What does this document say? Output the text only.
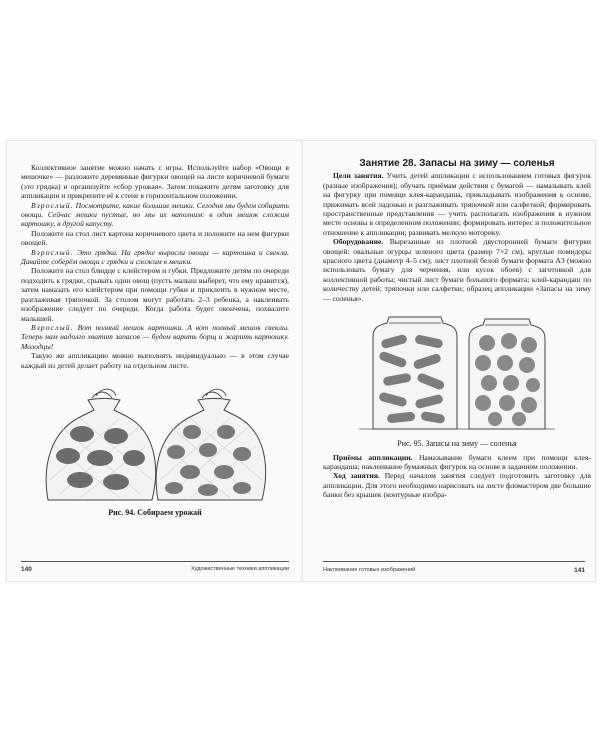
Коллективное занятие можно начать с игры. Используйте набор «Овощи в мешочке» — разложите деревянные фигурки овощей на листе коричневой бумаги (это грядка) и организуйте «сбор урожая». Затем покажите детям заготовку для аппликации и прикрепите её к стене в горизонтальном положении.

Взрослый. Посмотрите, какие большие мешки. Сегодня мы будем собирать овощи. Сейчас мешки пустые, но мы их наполним: в один мешок сложим картошку, в другой капусту.

Положите на стол лист картона коричневого цвета и положите на нем фигурки овощей.

Взрослый. Это грядка. На грядке выросли овощи — картошка и свекла. Давайте соберём овощи с грядки и сложим в мешки.

Положите на стол блюдце с клейстером и губки. Предложите детям по очереди подходить к грядке, срывать один овощ (пусть малыш выберет, что ему нравится), затем намазать его клейстером при помощи губки и приклеить в нужном месте, разглаживая тряпочкой. За столом могут работать 2–3 ребенка, а наклеивать изображение следует по очереди. Когда работа будет окончена, похвалите малышей.

Взрослый. Вот полный мешок картошки. А вот полный мешок свеклы. Теперь нам надолго хватит запасов — будем варить борщ и жарить картошку. Молодцы!

Такую же аппликацию можно выполнять индивидуально — в этом случае каждый из детей делает работу на отдельном листе.

Рис. 94. Собираем урожай

140	Художественные техники аппликации

Занятие 28. Запасы на зиму — соленья

Цели занятия. Учить детей аппликации с использованием готовых фигурок (разные изображения); обучать приёмам действия с бумагой — намазывать клей на фигурку при помощи клея-карандаша, прикладывать изображения к основе, прижимать всей ладонью и разглаживать тряпочкой или салфеткой; формировать пространственные представления — учить располагать изображения в нужном месте основы в определенном положении; формировать интерес и положительное отношение к аппликации; развивать мелкую моторику.

Оборудование. Вырезанные из плотной двусторонней бумаги фигурки овощей: овальные огурцы зеленого цвета (размер 7×2 см), круглые помидоры красного цвета (диаметр 4–5 см); лист плотной белой бумаги формата А3 (можно использовать бумагу для черчения, или кусок обоев) с заготовкой для коллективной работы; чистый лист бумаги большого формата; клей-карандаш по количеству детей; тряпочки или салфетки; образец аппликации «Запасы на зиму — соленья».

Рис. 95. Запасы на зиму — соленья

Приёмы аппликации. Намазывание бумаги клеем при помощи клея-карандаша; наклеивание бумажных фигурок на основе в заданном положении.

Ход занятия. Перед началом занятия следует подготовить заготовку для аппликации. Для этого необходимо нарисовать на листе фломастером две большие банки без крышек (контурные изобра-

Наклеивание готовых изображений	141
